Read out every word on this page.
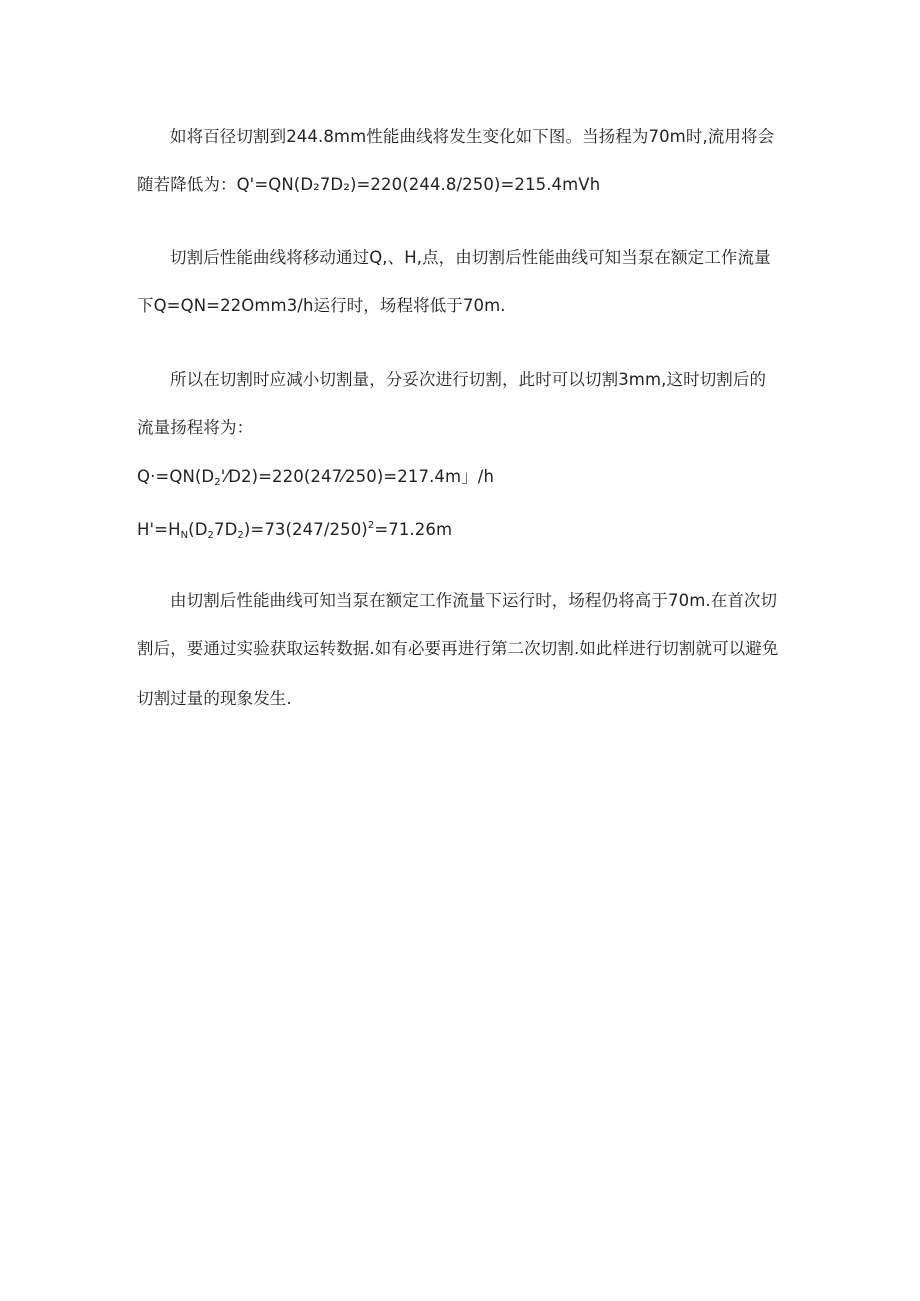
如将百径切割到244.8mm性能曲线将发生变化如下图。当扬程为70m时,流用将会
随若降低为：Q'=QN(D₂7D₂)=220(244.8/250)=215.4mVh
切割后性能曲线将移动通过Q,、H,点，由切割后性能曲线可知当泵在额定工作流量
下Q=QN=22Omm3/h运行时，场程将低于70m.
所以在切割时应减小切割量，分妥次进行切割，此时可以切割3mm,这时切割后的
流量扬程将为：
$Q\cdot=QN(D_2'⁄D2)=220(247⁄250)=217.4m$」/h
$H'=H_N(D_27D_2)=73(247/250)^2=71.26m$
由切割后性能曲线可知当泵在额定工作流量下运行时，场程仍将高于70m.在首次切
割后，要通过实验获取运转数据.如有必要再进行第二次切割.如此样进行切割就可以避免
切割过量的现象发生.
